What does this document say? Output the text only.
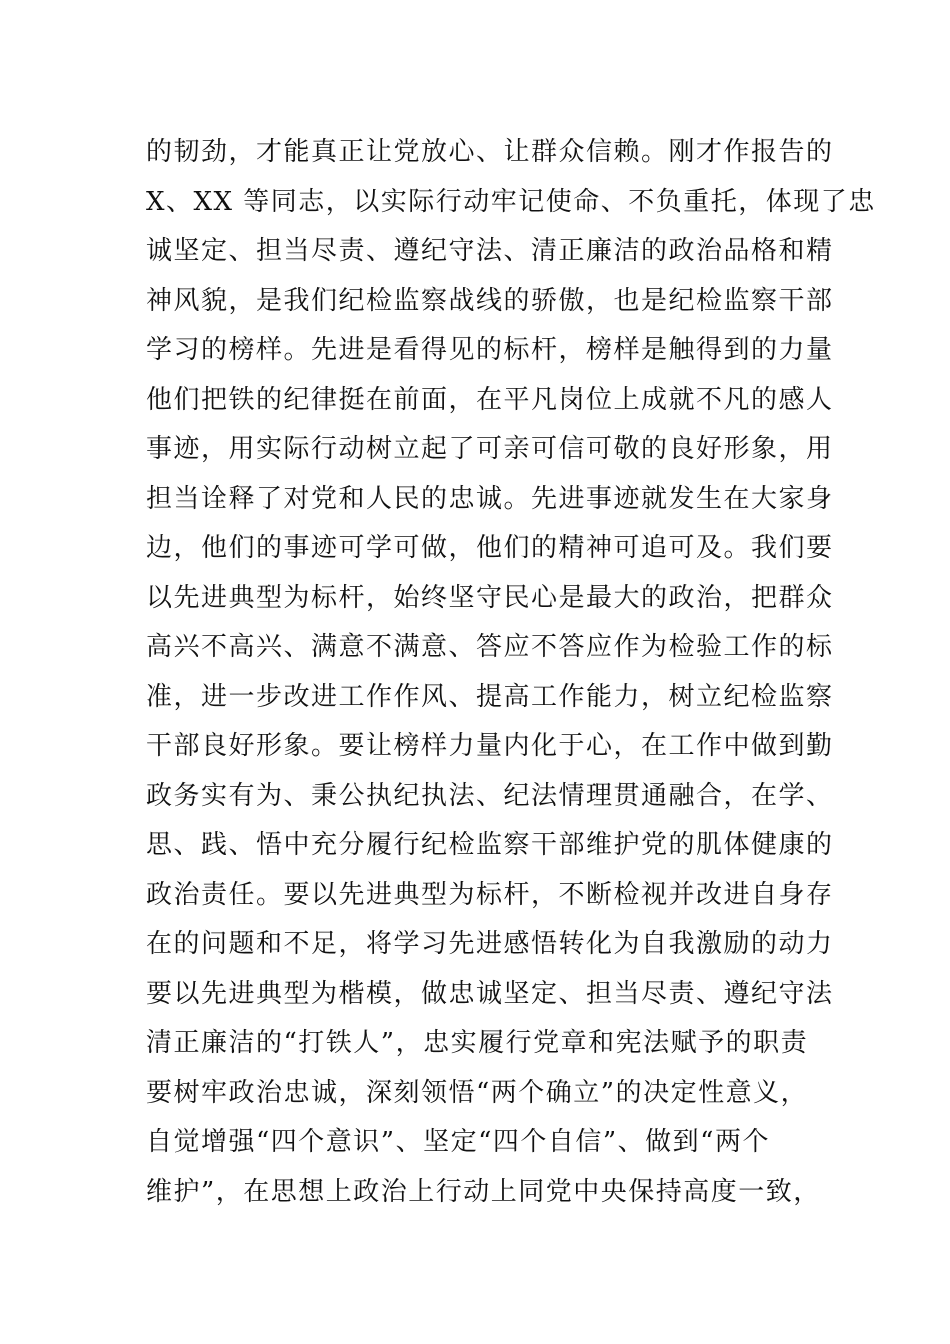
的韧劲，才能真正让党放心、让群众信赖。刚才作报告的
X、XX 等同志，以实际行动牢记使命、不负重托，体现了忠
诚坚定、担当尽责、遵纪守法、清正廉洁的政治品格和精
神风貌，是我们纪检监察战线的骄傲，也是纪检监察干部
学习的榜样。先进是看得见的标杆，榜样是触得到的力量
他们把铁的纪律挺在前面，在平凡岗位上成就不凡的感人
事迹，用实际行动树立起了可亲可信可敬的良好形象，用
担当诠释了对党和人民的忠诚。先进事迹就发生在大家身
边，他们的事迹可学可做，他们的精神可追可及。我们要
以先进典型为标杆，始终坚守民心是最大的政治，把群众
高兴不高兴、满意不满意、答应不答应作为检验工作的标
准，进一步改进工作作风、提高工作能力，树立纪检监察
干部良好形象。要让榜样力量内化于心，在工作中做到勤
政务实有为、秉公执纪执法、纪法情理贯通融合，在学、
思、践、悟中充分履行纪检监察干部维护党的肌体健康的
政治责任。要以先进典型为标杆，不断检视并改进自身存
在的问题和不足，将学习先进感悟转化为自我激励的动力
要以先进典型为楷模，做忠诚坚定、担当尽责、遵纪守法
清正廉洁的“打铁人”，忠实履行党章和宪法赋予的职责
要树牢政治忠诚，深刻领悟“两个确立”的决定性意义，
自觉增强“四个意识”、坚定“四个自信”、做到“两个
维护”，在思想上政治上行动上同党中央保持高度一致，
